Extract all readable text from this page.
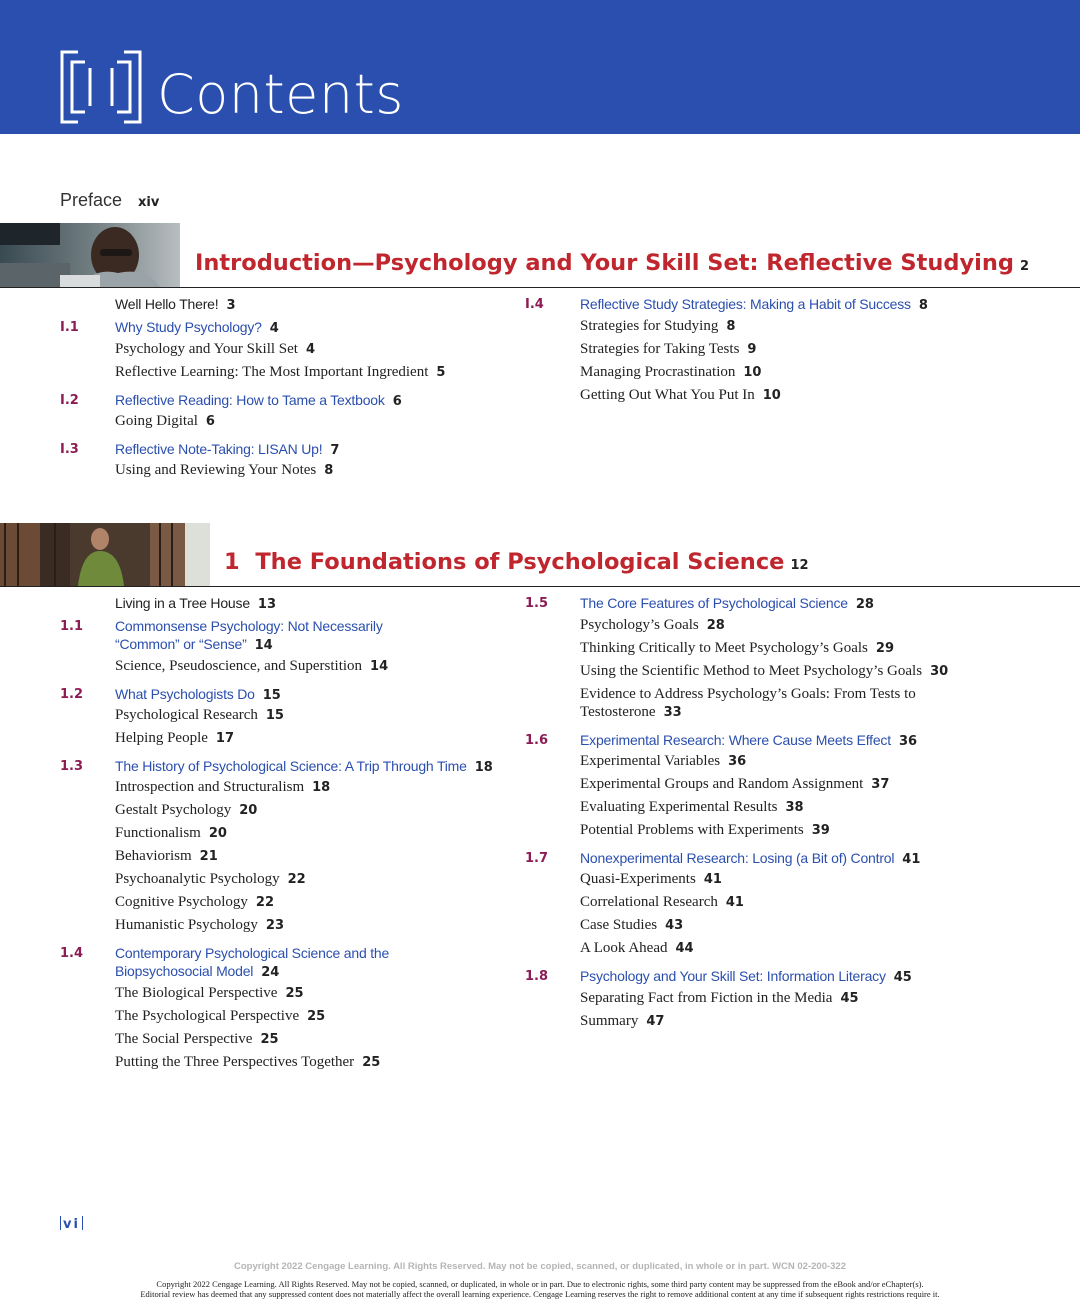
Contents
Preface xiv
Introduction—Psychology and Your Skill Set: Reflective Studying 2
Well Hello There! 3
I.1	Why Study Psychology? 4
Psychology and Your Skill Set 4
Reflective Learning: The Most Important Ingredient 5
I.2	Reflective Reading: How to Tame a Textbook 6
Going Digital 6
I.3	Reflective Note-Taking: LISAN Up! 7
Using and Reviewing Your Notes 8
I.4	Reflective Study Strategies: Making a Habit of Success 8
Strategies for Studying 8
Strategies for Taking Tests 9
Managing Procrastination 10
Getting Out What You Put In 10
1  The Foundations of Psychological Science 12
Living in a Tree House 13
1.1 Commonsense Psychology: Not Necessarily
“Common” or “Sense” 14
Science, Pseudoscience, and Superstition 14
1.2 What Psychologists Do 15
Psychological Research 15
Helping People 17
1.3 The History of Psychological Science: A Trip Through Time 18
Introspection and Structuralism 18
Gestalt Psychology 20
Functionalism 20
Behaviorism 21
Psychoanalytic Psychology 22
Cognitive Psychology 22
Humanistic Psychology 23
1.4 Contemporary Psychological Science and the
Biopsychosocial Model 24
The Biological Perspective 25
The Psychological Perspective 25
The Social Perspective 25
Putting the Three Perspectives Together 25
1.5 The Core Features of Psychological Science 28
Psychology’s Goals 28
Thinking Critically to Meet Psychology’s Goals 29
Using the Scientific Method to Meet Psychology’s Goals 30
Evidence to Address Psychology’s Goals: From Tests to
Testosterone 33
1.6 Experimental Research: Where Cause Meets Effect 36
Experimental Variables 36
Experimental Groups and Random Assignment 37
Evaluating Experimental Results 38
Potential Problems with Experiments 39
1.7 Nonexperimental Research: Losing (a Bit of) Control 41
Quasi-Experiments 41
Correlational Research 41
Case Studies 43
A Look Ahead 44
1.8 Psychology and Your Skill Set: Information Literacy 45
Separating Fact from Fiction in the Media 45
Summary 47
vi
Copyright 2022 Cengage Learning. All Rights Reserved. May not be copied, scanned, or duplicated, in whole or in part. WCN 02-200-322
Copyright 2022 Cengage Learning. All Rights Reserved. May not be copied, scanned, or duplicated, in whole or in part. Due to electronic rights, some third party content may be suppressed from the eBook and/or eChapter(s).
Editorial review has deemed that any suppressed content does not materially affect the overall learning experience. Cengage Learning reserves the right to remove additional content at any time if subsequent rights restrictions require it.
